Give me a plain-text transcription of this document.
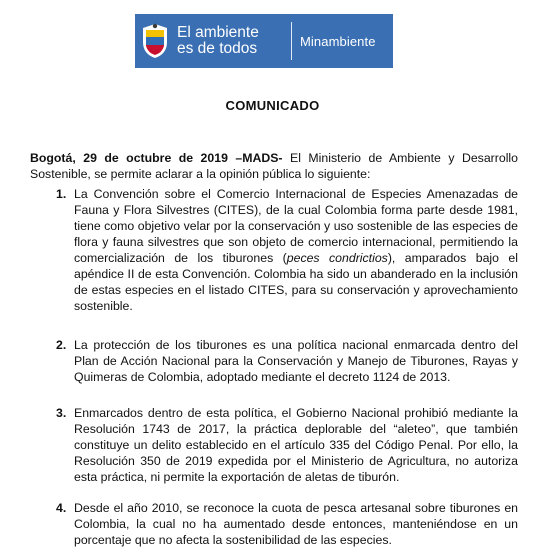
El ambiente
es de todos	Minambiente
COMUNICADO
Bogotá, 29 de octubre de 2019 –MADS- El Ministerio de Ambiente y Desarrollo Sostenible, se permite aclarar a la opinión pública lo siguiente:
1. La Convención sobre el Comercio Internacional de Especies Amenazadas de Fauna y Flora Silvestres (CITES), de la cual Colombia forma parte desde 1981, tiene como objetivo velar por la conservación y uso sostenible de las especies de flora y fauna silvestres que son objeto de comercio internacional, permitiendo la comercialización de los tiburones (peces condrictios), amparados bajo el apéndice II de esta Convención. Colombia ha sido un abanderado en la inclusión de estas especies en el listado CITES, para su conservación y aprovechamiento sostenible.
2. La protección de los tiburones es una política nacional enmarcada dentro del Plan de Acción Nacional para la Conservación y Manejo de Tiburones, Rayas y Quimeras de Colombia, adoptado mediante el decreto 1124 de 2013.
3. Enmarcados dentro de esta política, el Gobierno Nacional prohibió mediante la Resolución 1743 de 2017, la práctica deplorable del “aleteo”, que también constituye un delito establecido en el artículo 335 del Código Penal. Por ello, la Resolución 350 de 2019 expedida por el Ministerio de Agricultura, no autoriza esta práctica, ni permite la exportación de aletas de tiburón.
4. Desde el año 2010, se reconoce la cuota de pesca artesanal sobre tiburones en Colombia, la cual no ha aumentado desde entonces, manteniéndose en un porcentaje que no afecta la sostenibilidad de las especies.
